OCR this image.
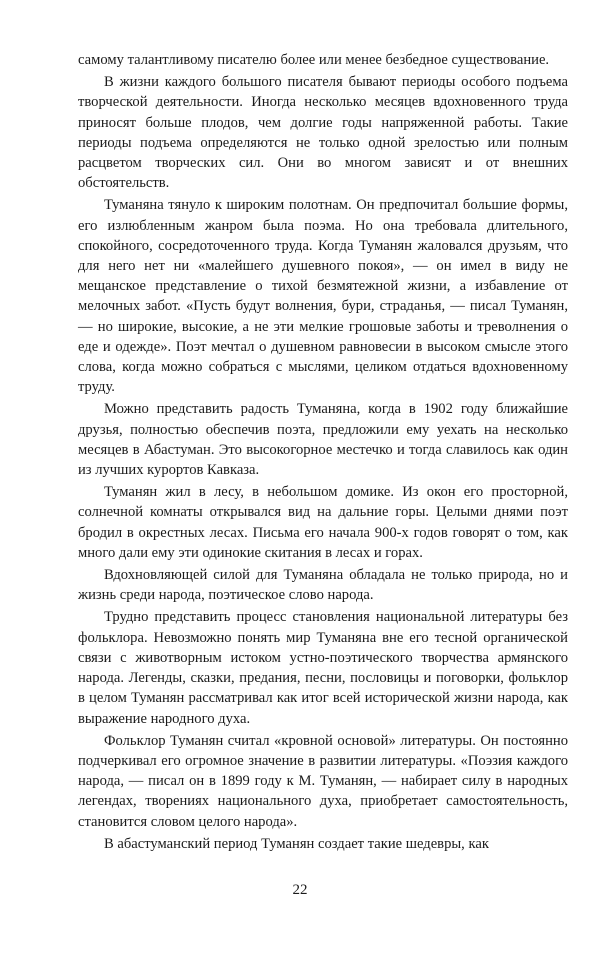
самому талантливому писателю более или менее безбедное существование.

В жизни каждого большого писателя бывают периоды особого подъема творческой деятельности. Иногда несколько месяцев вдохновенного труда приносят больше плодов, чем долгие годы напряженной работы. Такие периоды подъема определяются не только одной зрелостью или полным расцветом творческих сил. Они во многом зависят и от внешних обстоятельств.

Туманяна тянуло к широким полотнам. Он предпочитал большие формы, его излюбленным жанром была поэма. Но она требовала длительного, спокойного, сосредоточенного труда. Когда Туманян жаловался друзьям, что для него нет ни «малейшего душевного покоя», — он имел в виду не мещанское представление о тихой безмятежной жизни, а избавление от мелочных забот. «Пусть будут волнения, бури, страданья, — писал Туманян, — но широкие, высокие, а не эти мелкие грошовые заботы и треволнения о еде и одежде». Поэт мечтал о душевном равновесии в высоком смысле этого слова, когда можно собраться с мыслями, целиком отдаться вдохновенному труду.

Можно представить радость Туманяна, когда в 1902 году ближайшие друзья, полностью обеспечив поэта, предложили ему уехать на несколько месяцев в Абастуман. Это высокогорное местечко и тогда славилось как один из лучших курортов Кавказа.

Туманян жил в лесу, в небольшом домике. Из окон его просторной, солнечной комнаты открывался вид на дальние горы. Целыми днями поэт бродил в окрестных лесах. Письма его начала 900-х годов говорят о том, как много дали ему эти одинокие скитания в лесах и горах.

Вдохновляющей силой для Туманяна обладала не только природа, но и жизнь среди народа, поэтическое слово народа.

Трудно представить процесс становления национальной литературы без фольклора. Невозможно понять мир Туманяна вне его тесной органической связи с животворным истоком устно-поэтического творчества армянского народа. Легенды, сказки, предания, песни, пословицы и поговорки, фольклор в целом Туманян рассматривал как итог всей исторической жизни народа, как выражение народного духа.

Фольклор Туманян считал «кровной основой» литературы. Он постоянно подчеркивал его огромное значение в развитии литературы. «Поэзия каждого народа, — писал он в 1899 году к М. Туманян, — набирает силу в народных легендах, творениях национального духа, приобретает самостоятельность, становится словом целого народа».

В абастуманский период Туманян создает такие шедевры, как

22
